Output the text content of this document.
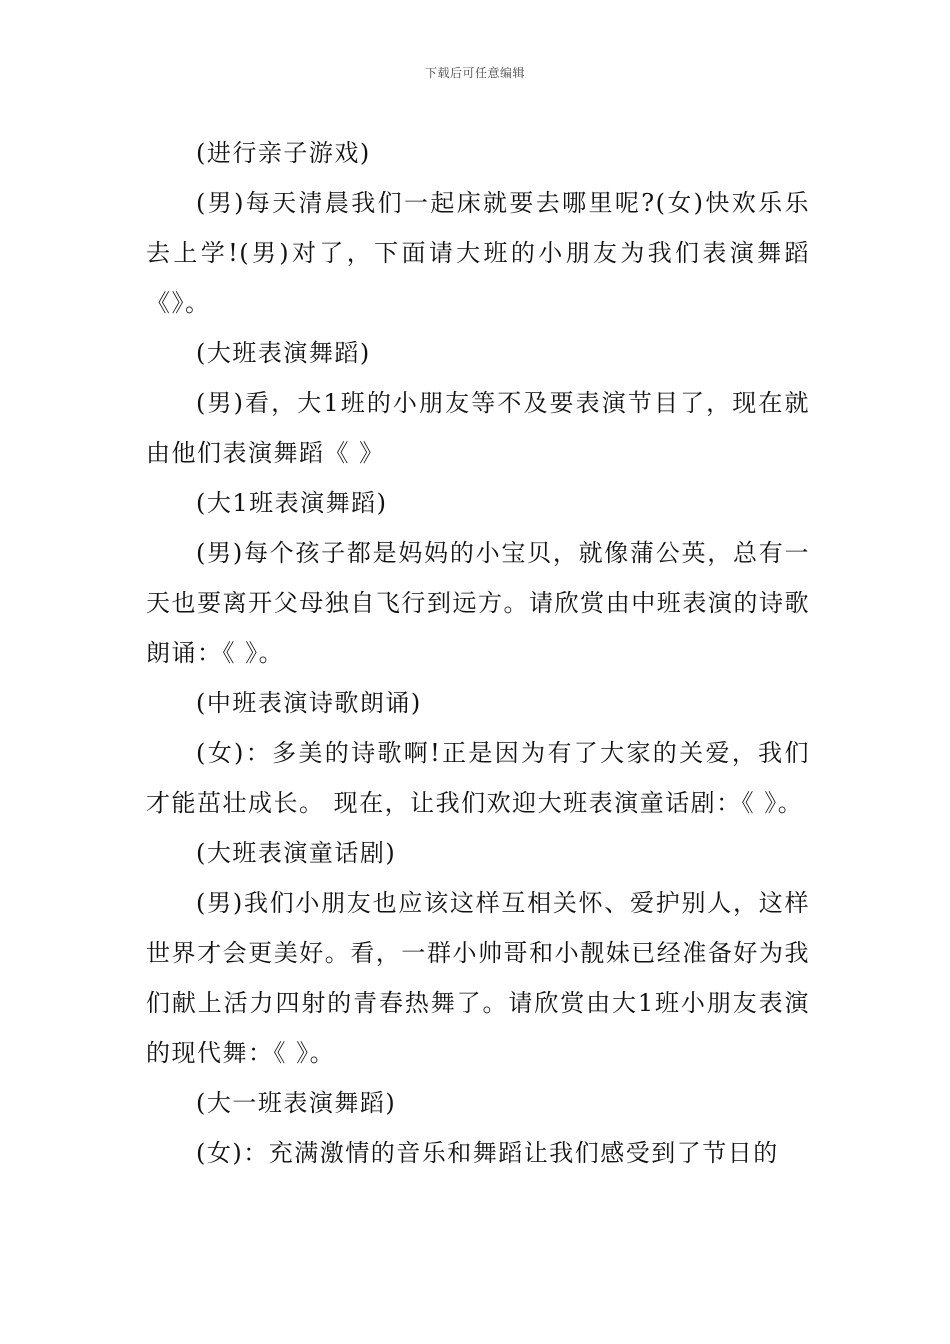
下载后可任意编辑

(进行亲子游戏)

(男)每天清晨我们一起床就要去哪里呢?(女)快欢乐乐去上学!(男)对了，下面请大班的小朋友为我们表演舞蹈《》。

(大班表演舞蹈)

(男)看，大1班的小朋友等不及要表演节目了，现在就由他们表演舞蹈《 》

(大1班表演舞蹈)

(男)每个孩子都是妈妈的小宝贝，就像蒲公英，总有一天也要离开父母独自飞行到远方。请欣赏由中班表演的诗歌朗诵：《 》。

(中班表演诗歌朗诵)

(女)：多美的诗歌啊!正是因为有了大家的关爱，我们才能茁壮成长。 现在，让我们欢迎大班表演童话剧：《 》。

(大班表演童话剧)

(男)我们小朋友也应该这样互相关怀、爱护别人，这样世界才会更美好。看，一群小帅哥和小靓妹已经准备好为我们献上活力四射的青春热舞了。请欣赏由大1班小朋友表演的现代舞：《 》。

(大一班表演舞蹈)

(女)：充满激情的音乐和舞蹈让我们感受到了节日的
